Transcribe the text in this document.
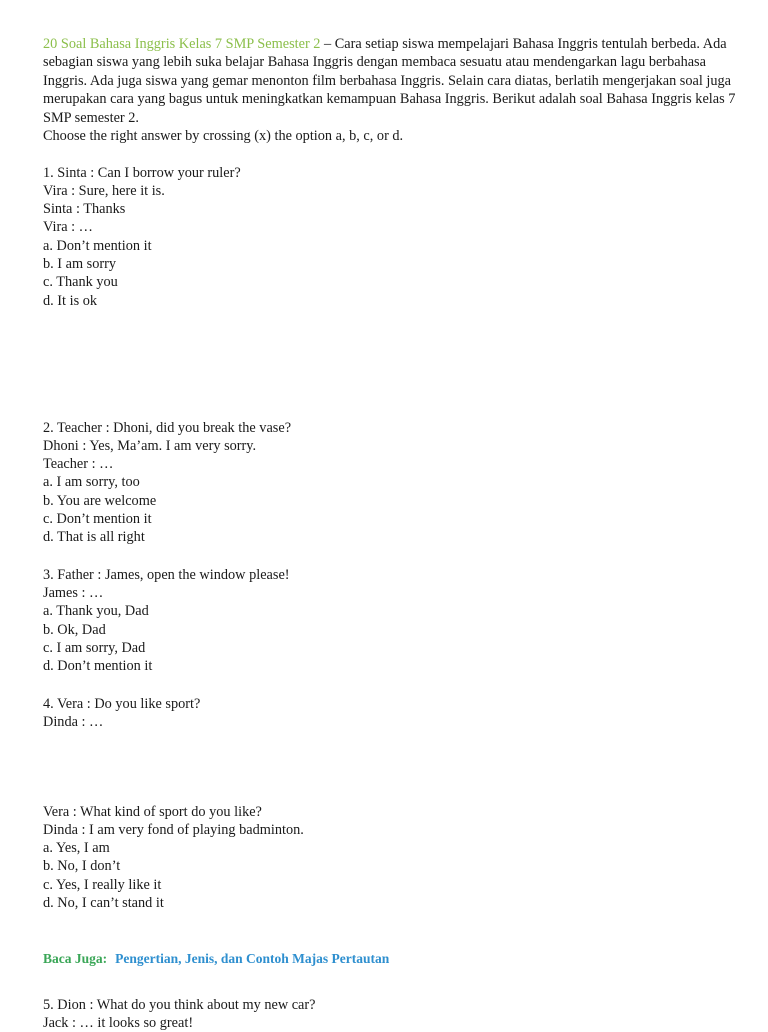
20 Soal Bahasa Inggris Kelas 7 SMP Semester 2 – Cara setiap siswa mempelajari Bahasa Inggris tentulah berbeda. Ada sebagian siswa yang lebih suka belajar Bahasa Inggris dengan membaca sesuatu atau mendengarkan lagu berbahasa Inggris. Ada juga siswa yang gemar menonton film berbahasa Inggris. Selain cara diatas, berlatih mengerjakan soal juga merupakan cara yang bagus untuk meningkatkan kemampuan Bahasa Inggris. Berikut adalah soal Bahasa Inggris kelas 7 SMP semester 2.
Choose the right answer by crossing (x) the option a, b, c, or d.
1. Sinta : Can I borrow your ruler?
Vira : Sure, here it is.
Sinta : Thanks
Vira : …
a. Don’t mention it
b. I am sorry
c. Thank you
d. It is ok
2. Teacher : Dhoni, did you break the vase?
Dhoni : Yes, Ma’am. I am very sorry.
Teacher : …
a. I am sorry, too
b. You are welcome
c. Don’t mention it
d. That is all right
3. Father : James, open the window please!
James : …
a. Thank you, Dad
b. Ok, Dad
c. I am sorry, Dad
d. Don’t mention it
4. Vera : Do you like sport?
Dinda : …
Vera : What kind of sport do you like?
Dinda : I am very fond of playing badminton.
a. Yes, I am
b. No, I don’t
c. Yes, I really like it
d. No, I can’t stand it
Baca Juga: Pengertian, Jenis, dan Contoh Majas Pertautan
5. Dion : What do you think about my new car?
Jack : … it looks so great!
